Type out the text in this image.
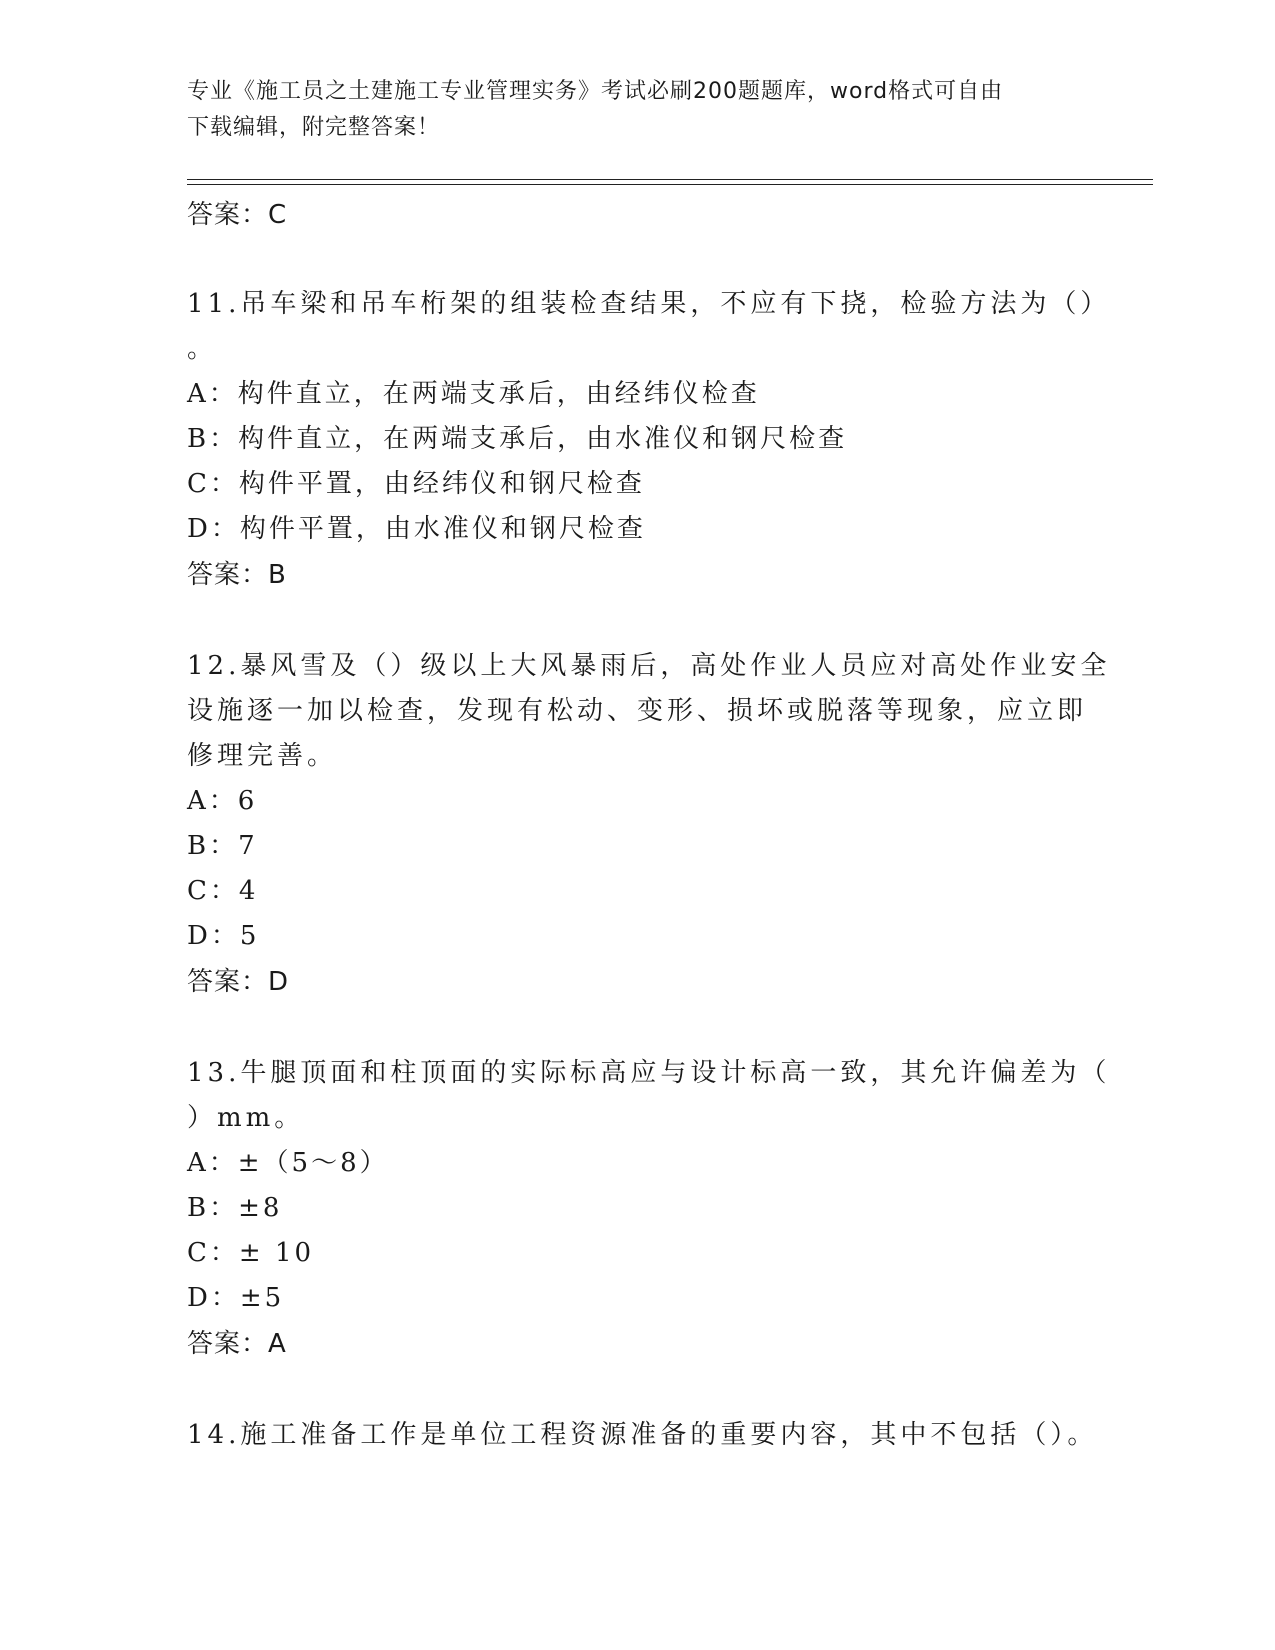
专业《施工员之土建施工专业管理实务》考试必刷200题题库，word格式可自由
下载编辑，附完整答案！
答案：C
11.吊车梁和吊车桁架的组装检查结果，不应有下挠，检验方法为（）
。
A：构件直立，在两端支承后，由经纬仪检查
B：构件直立，在两端支承后，由水准仪和钢尺检查
C：构件平置，由经纬仪和钢尺检查
D：构件平置，由水准仪和钢尺检查
答案：B
12.暴风雪及（）级以上大风暴雨后，高处作业人员应对高处作业安全
设施逐一加以检查，发现有松动、变形、损坏或脱落等现象，应立即
修理完善。
A：6
B：7
C：4
D：5
答案：D
13.牛腿顶面和柱顶面的实际标高应与设计标高一致，其允许偏差为（
）mm。
A：±（5～8）
B：±8
C：± 10
D：±5
答案：A
14.施工准备工作是单位工程资源准备的重要内容，其中不包括（）。
